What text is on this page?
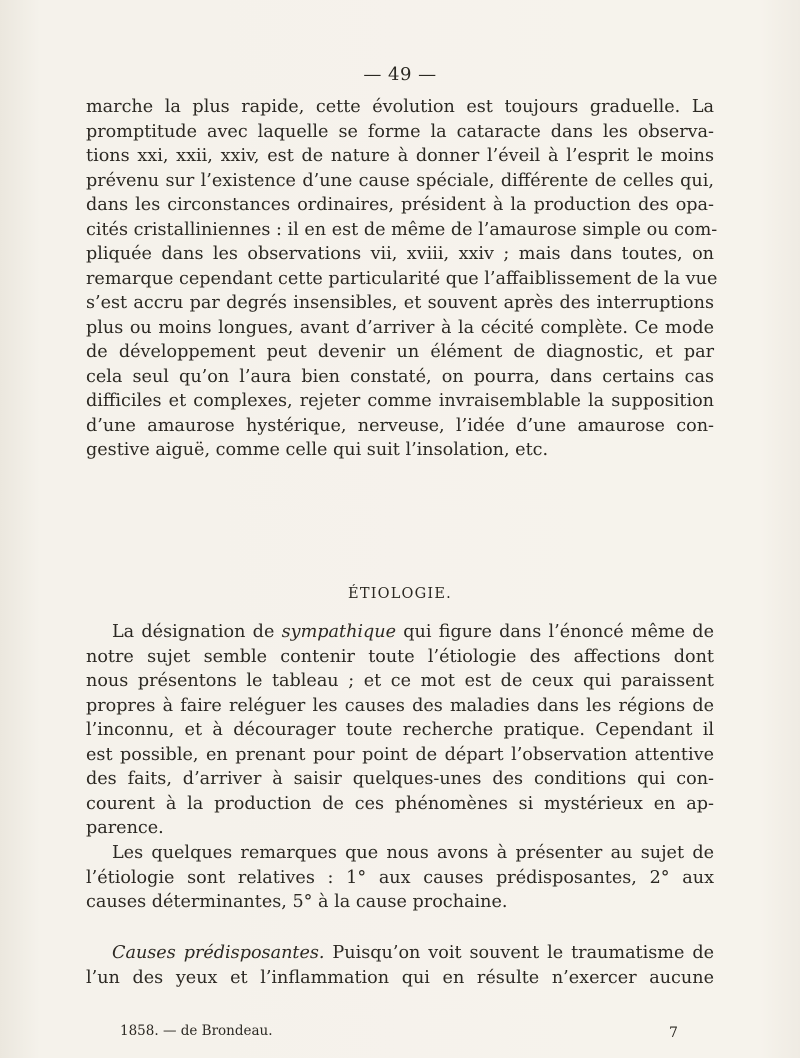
— 49 —
marche la plus rapide, cette évolution est toujours graduelle. La
promptitude avec laquelle se forme la cataracte dans les observa-
tions xxi, xxii, xxiv, est de nature à donner l’éveil à l’esprit le moins
prévenu sur l’existence d’une cause spéciale, différente de celles qui,
dans les circonstances ordinaires, président à la production des opa-
cités cristalliniennes : il en est de même de l’amaurose simple ou com-
pliquée dans les observations vii, xviii, xxiv ; mais dans toutes, on
remarque cependant cette particularité que l’affaiblissement de la vue
s’est accru par degrés insensibles, et souvent après des interruptions
plus ou moins longues, avant d’arriver à la cécité complète. Ce mode
de développement peut devenir un élément de diagnostic, et par
cela seul qu’on l’aura bien constaté, on pourra, dans certains cas
difficiles et complexes, rejeter comme invraisemblable la supposition
d’une amaurose hystérique, nerveuse, l’idée d’une amaurose con-
gestive aiguë, comme celle qui suit l’insolation, etc.
ÉTIOLOGIE.
La désignation de sympathique qui figure dans l’énoncé même de
notre sujet semble contenir toute l’étiologie des affections dont
nous présentons le tableau ; et ce mot est de ceux qui paraissent
propres à faire reléguer les causes des maladies dans les régions de
l’inconnu, et à décourager toute recherche pratique. Cependant il
est possible, en prenant pour point de départ l’observation attentive
des faits, d’arriver à saisir quelques-unes des conditions qui con-
courent à la production de ces phénomènes si mystérieux en ap-
parence.
Les quelques remarques que nous avons à présenter au sujet de
l’étiologie sont relatives : 1° aux causes prédisposantes, 2° aux
causes déterminantes, 5° à la cause prochaine.
Causes prédisposantes. Puisqu’on voit souvent le traumatisme de
l’un des yeux et l’inflammation qui en résulte n’exercer aucune
1858. — de Brondeau.	7
